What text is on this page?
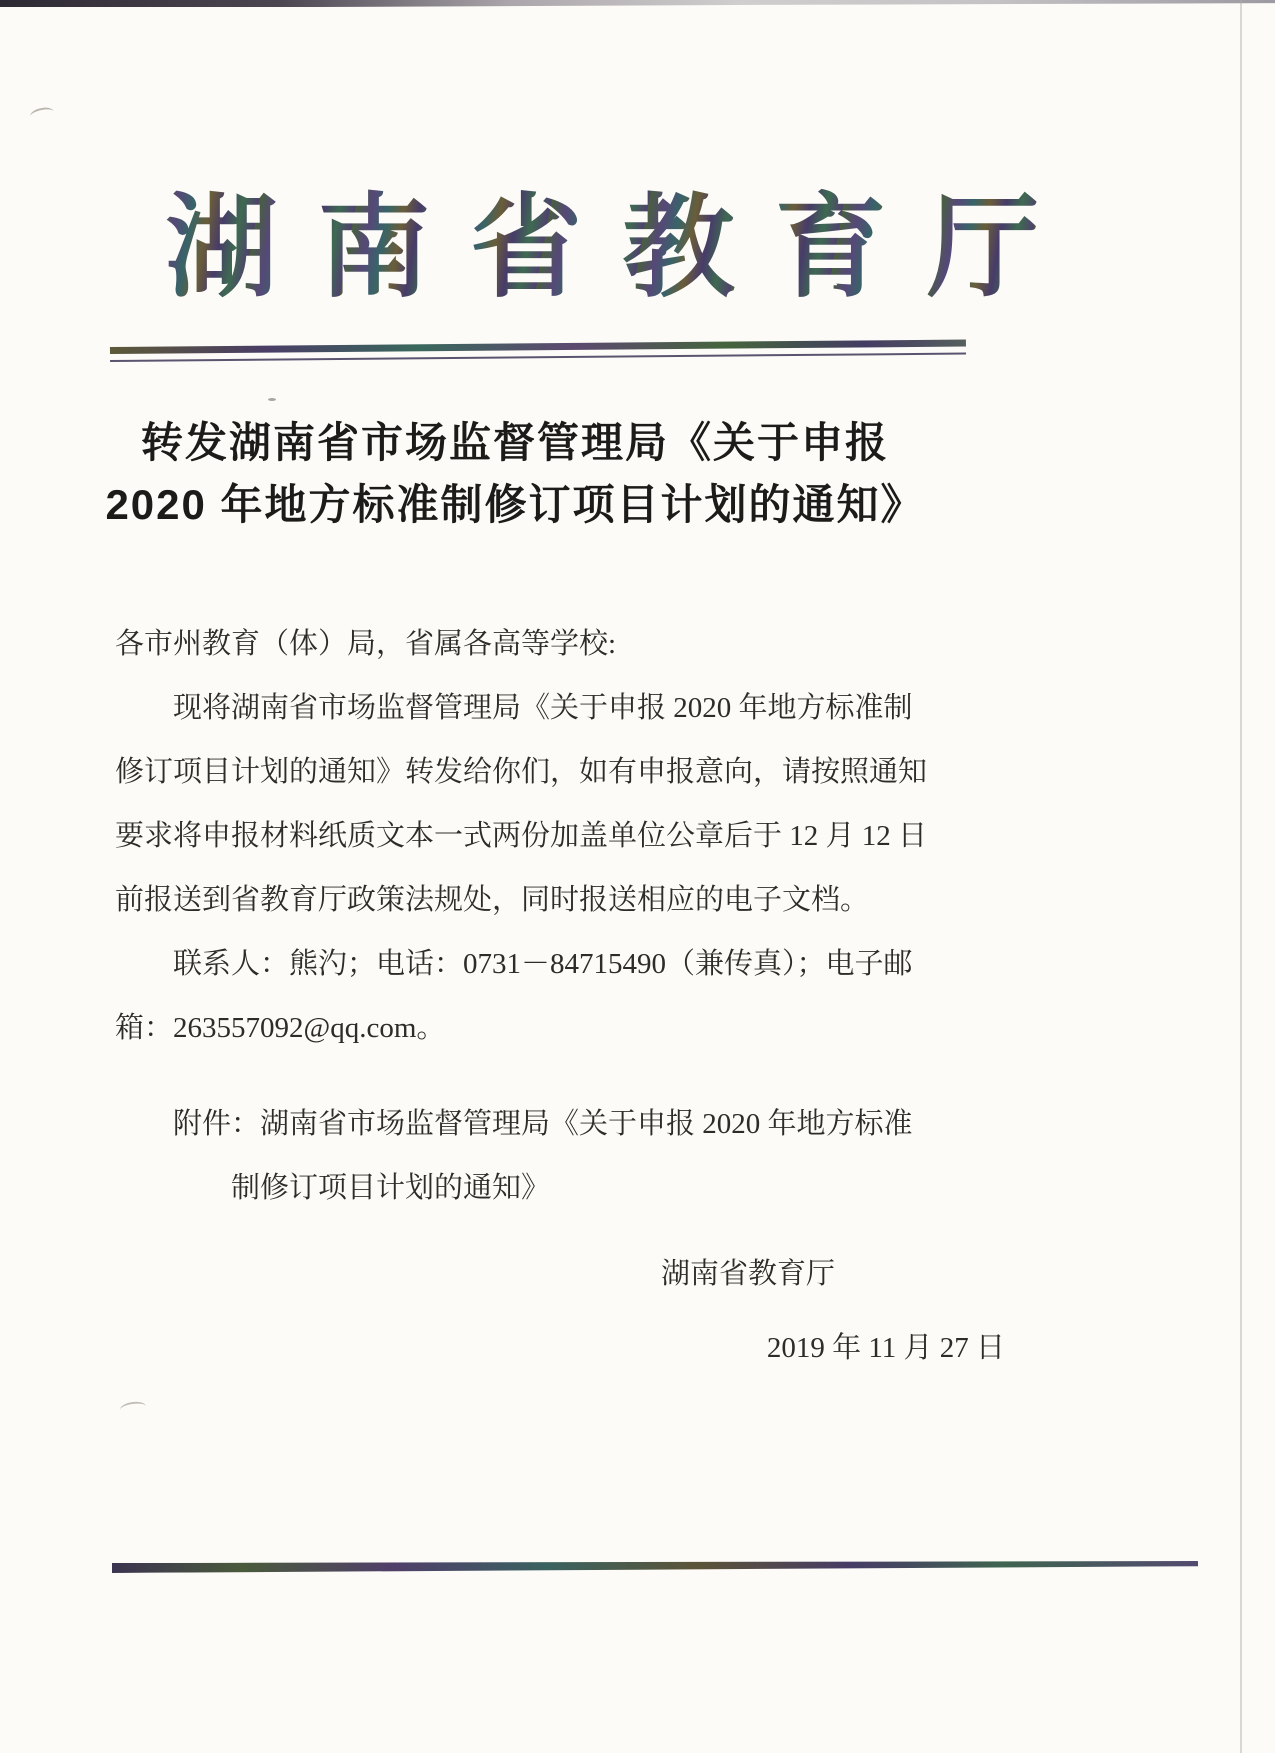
湖南省教育厅
转发湖南省市场监督管理局《关于申报
2020 年地方标准制修订项目计划的通知》
各市州教育（体）局，省属各高等学校:
现将湖南省市场监督管理局《关于申报 2020 年地方标准制
修订项目计划的通知》转发给你们，如有申报意向，请按照通知
要求将申报材料纸质文本一式两份加盖单位公章后于 12 月 12 日
前报送到省教育厅政策法规处，同时报送相应的电子文档。
联系人：熊汋；电话：0731－84715490（兼传真）；电子邮
箱：263557092@qq.com。
附件：湖南省市场监督管理局《关于申报 2020 年地方标准
制修订项目计划的通知》
湖南省教育厅
2019 年 11 月 27 日
